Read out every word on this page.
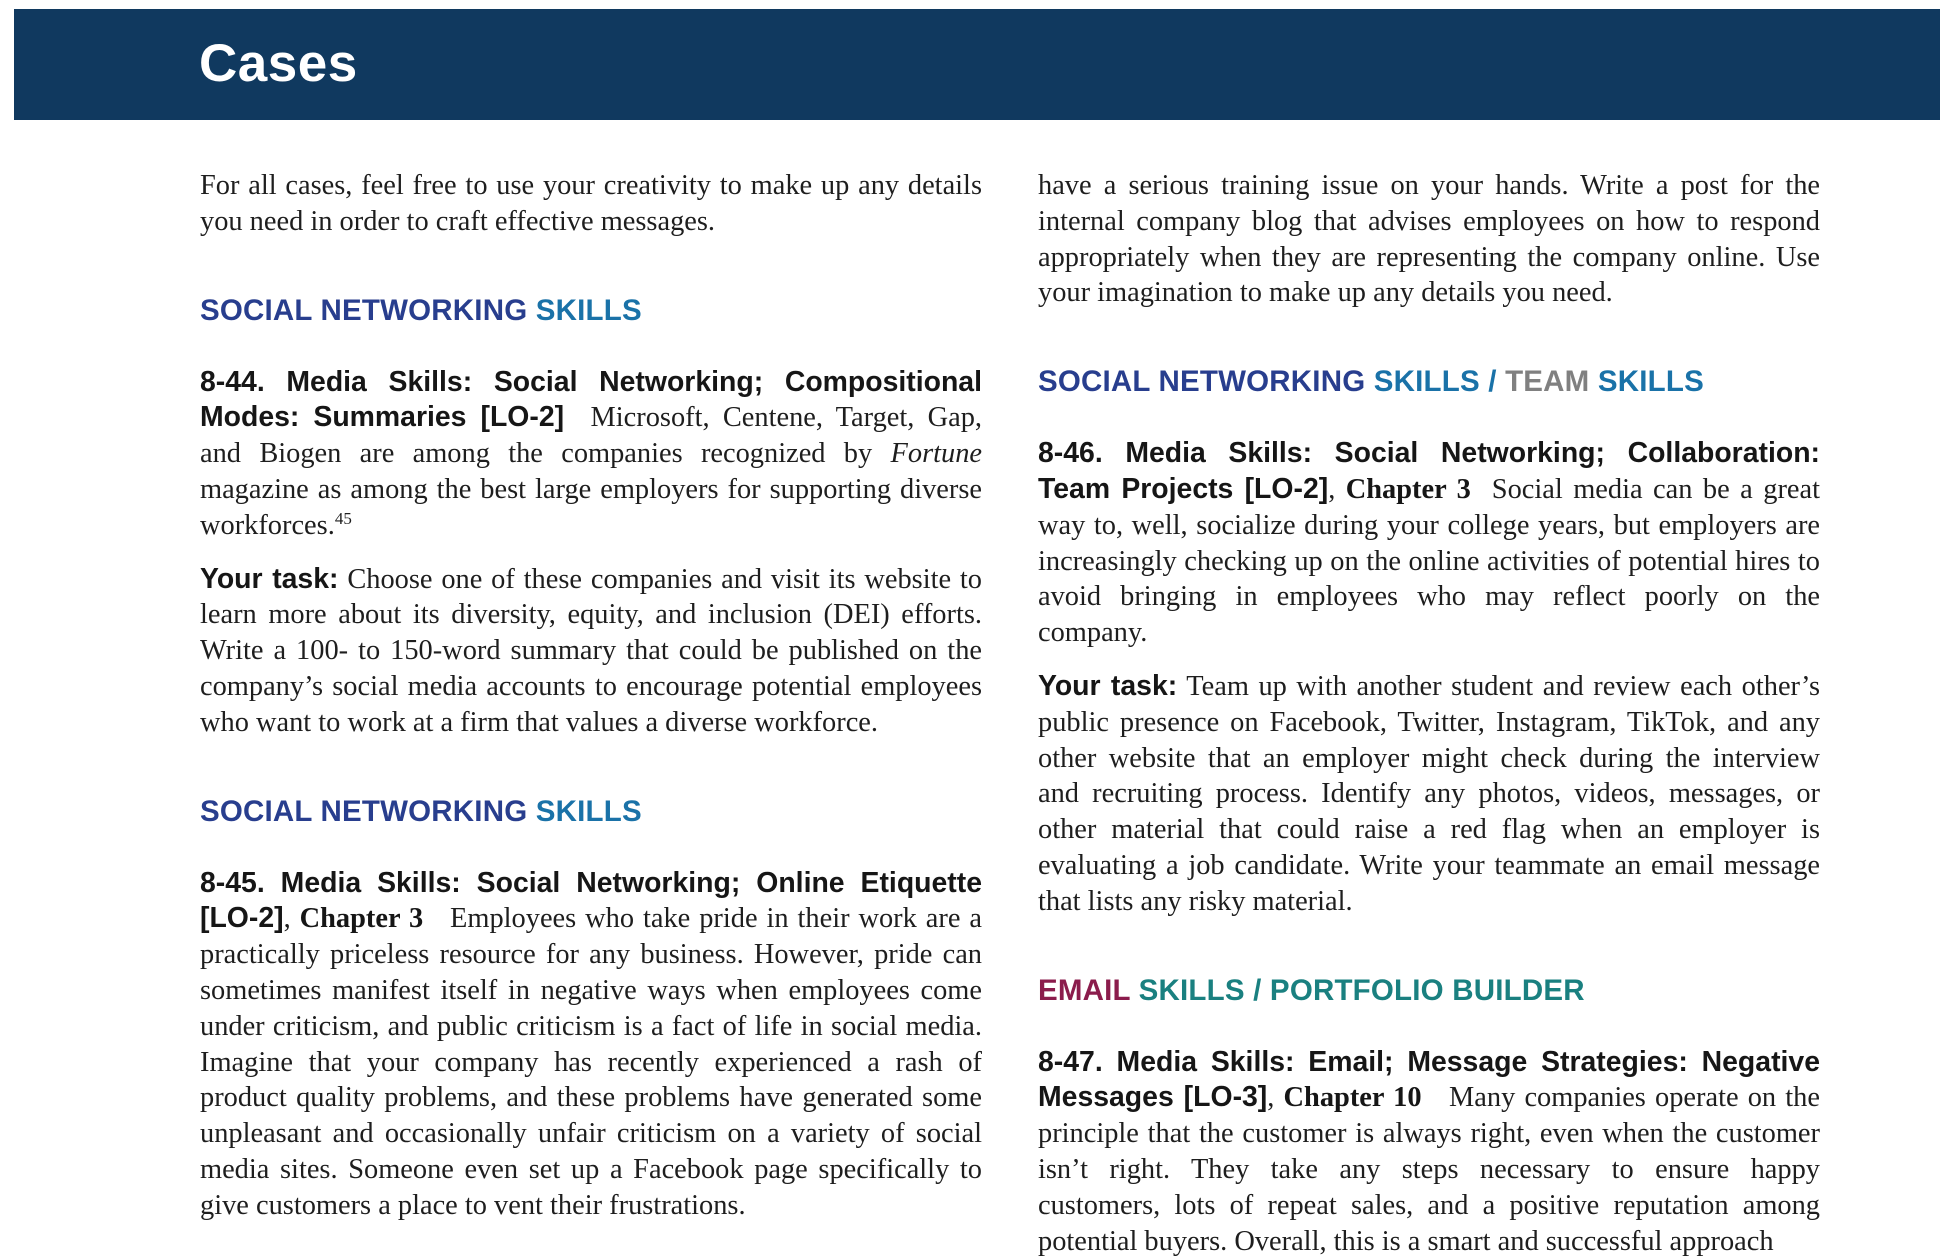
Cases

For all cases, feel free to use your creativity to make up any details you need in order to craft effective messages.

SOCIAL NETWORKING SKILLS

8-44. Media Skills: Social Networking; Compositional Modes: Summaries [LO-2] Microsoft, Centene, Target, Gap, and Biogen are among the companies recognized by Fortune magazine as among the best large employers for supporting diverse workforces.$^{45}$

Your task: Choose one of these companies and visit its website to learn more about its diversity, equity, and inclusion (DEI) efforts. Write a 100- to 150-word summary that could be published on the company’s social media accounts to encourage potential employees who want to work at a firm that values a diverse workforce.

SOCIAL NETWORKING SKILLS

8-45. Media Skills: Social Networking; Online Etiquette [LO-2], Chapter 3 Employees who take pride in their work are a practically priceless resource for any business. However, pride can sometimes manifest itself in negative ways when employees come under criticism, and public criticism is a fact of life in social media. Imagine that your company has recently experienced a rash of product quality problems, and these problems have generated some unpleasant and occasionally unfair criticism on a variety of social media sites. Someone even set up a Facebook page specifically to give customers a place to vent their frustrations.

have a serious training issue on your hands. Write a post for the internal company blog that advises employees on how to respond appropriately when they are representing the company online. Use your imagination to make up any details you need.

SOCIAL NETWORKING SKILLS / TEAM SKILLS

8-46. Media Skills: Social Networking; Collaboration: Team Projects [LO-2], Chapter 3 Social media can be a great way to, well, socialize during your college years, but employers are increasingly checking up on the online activities of potential hires to avoid bringing in employees who may reflect poorly on the company.

Your task: Team up with another student and review each other’s public presence on Facebook, Twitter, Instagram, TikTok, and any other website that an employer might check during the interview and recruiting process. Identify any photos, videos, messages, or other material that could raise a red flag when an employer is evaluating a job candidate. Write your teammate an email message that lists any risky material.

EMAIL SKILLS / PORTFOLIO BUILDER

8-47. Media Skills: Email; Message Strategies: Negative Messages [LO-3], Chapter 10 Many companies operate on the principle that the customer is always right, even when the customer isn’t right. They take any steps necessary to ensure happy customers, lots of repeat sales, and a positive reputation among potential buyers. Overall, this is a smart and successful approach
